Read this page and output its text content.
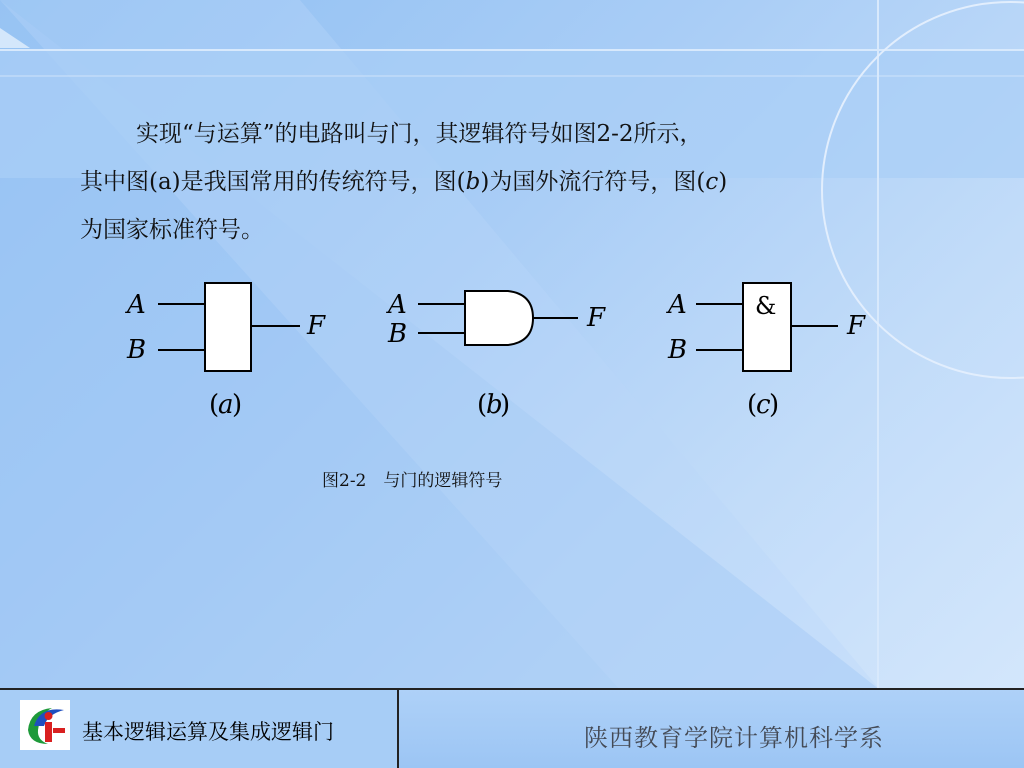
实现“与运算”的电路叫与门，其逻辑符号如图2-2所示，
其中图(a)是我国常用的传统符号，图(b)为国外流行符号，图(c)
为国家标准符号。
A
B
F
(
a
)
A
B
F
(
b
)
&
A
B
F
(
c
)
图2-2　与门的逻辑符号
基本逻辑运算及集成逻辑门	陕西教育学院计算机科学系
